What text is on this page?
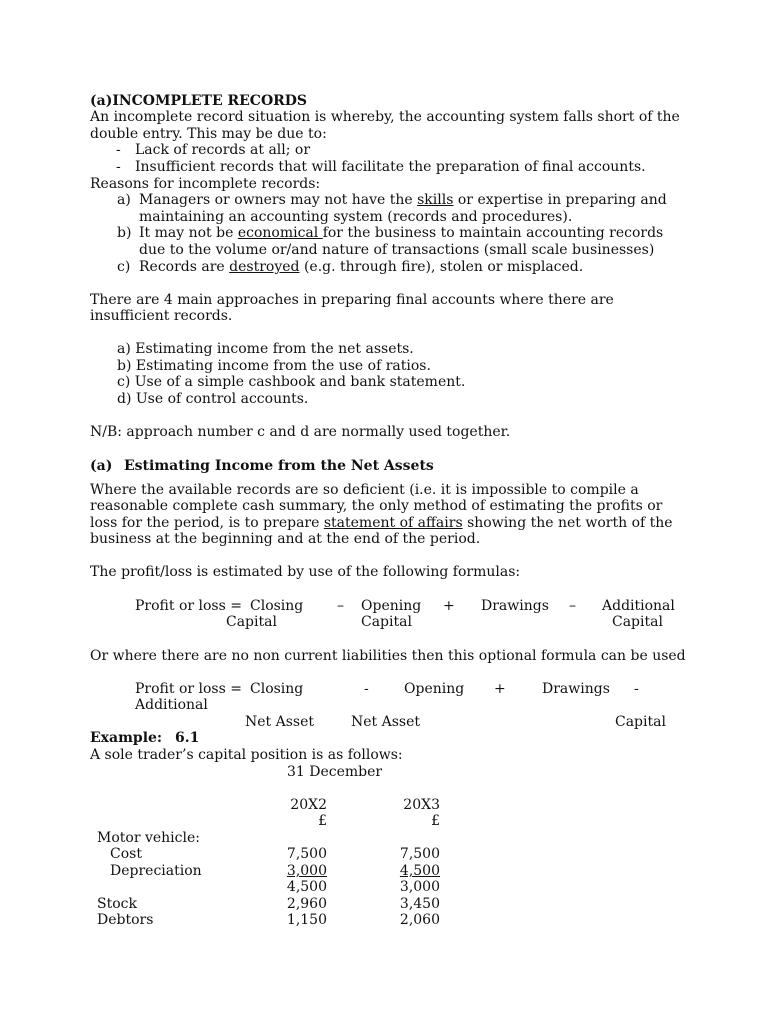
(a)INCOMPLETE RECORDS
An incomplete record situation is whereby, the accounting system falls short of the
double entry. This may be due to:
- Lack of records at all; or
- Insufficient records that will facilitate the preparation of final accounts.
Reasons for incomplete records:
a) Managers or owners may not have the skills or expertise in preparing and
maintaining an accounting system (records and procedures).
b) It may not be economical for the business to maintain accounting records
due to the volume or/and nature of transactions (small scale businesses)
c) Records are destroyed (e.g. through fire), stolen or misplaced.
There are 4 main approaches in preparing final accounts where there are
insufficient records.
a) Estimating income from the net assets.
b) Estimating income from the use of ratios.
c) Use of a simple cashbook and bank statement.
d) Use of control accounts.
N/B: approach number c and d are normally used together.
(a) Estimating Income from the Net Assets
Where the available records are so deficient (i.e. it is impossible to compile a
reasonable complete cash summary, the only method of estimating the profits or
loss for the period, is to prepare statement of affairs showing the net worth of the
business at the beginning and at the end of the period.
The profit/loss is estimated by use of the following formulas:
Profit or loss = Closing – Opening + Drawings – Additional
Capital	Capital	Capital
Or where there are no non current liabilities then this optional formula can be used
Profit or loss = Closing	-	Opening +	Drawings -
Additional
Net Asset	Net Asset	Capital
Example: 6.1
A sole trader’s capital position is as follows:
31 December
20X2	20X3
£	£
Motor vehicle:
Cost	7,500	7,500
Depreciation	3,000	4,500
4,500	3,000
Stock	2,960	3,450
Debtors	1,150	2,060
